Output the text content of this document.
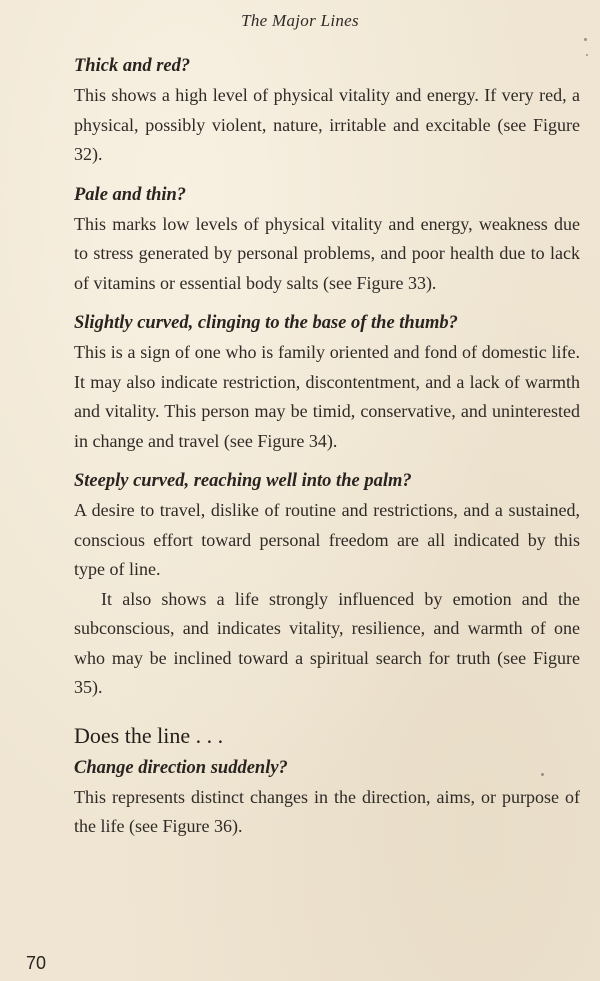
The Major Lines

Thick and red?

This shows a high level of physical vitality and energy. If very red, a physical, possibly violent, nature, irritable and excitable (see Figure 32).

Pale and thin?

This marks low levels of physical vitality and energy, weakness due to stress generated by personal problems, and poor health due to lack of vitamins or essential body salts (see Figure 33).

Slightly curved, clinging to the base of the thumb?

This is a sign of one who is family oriented and fond of domestic life. It may also indicate restriction, discontentment, and a lack of warmth and vitality. This person may be timid, conservative, and uninterested in change and travel (see Figure 34).

Steeply curved, reaching well into the palm?

A desire to travel, dislike of routine and restrictions, and a sustained, conscious effort toward personal freedom are all indicated by this type of line.

It also shows a life strongly influenced by emotion and the subconscious, and indicates vitality, resilience, and warmth of one who may be inclined toward a spiritual search for truth (see Figure 35).

Does the line . . .

Change direction suddenly?

This represents distinct changes in the direction, aims, or purpose of the life (see Figure 36).

70
